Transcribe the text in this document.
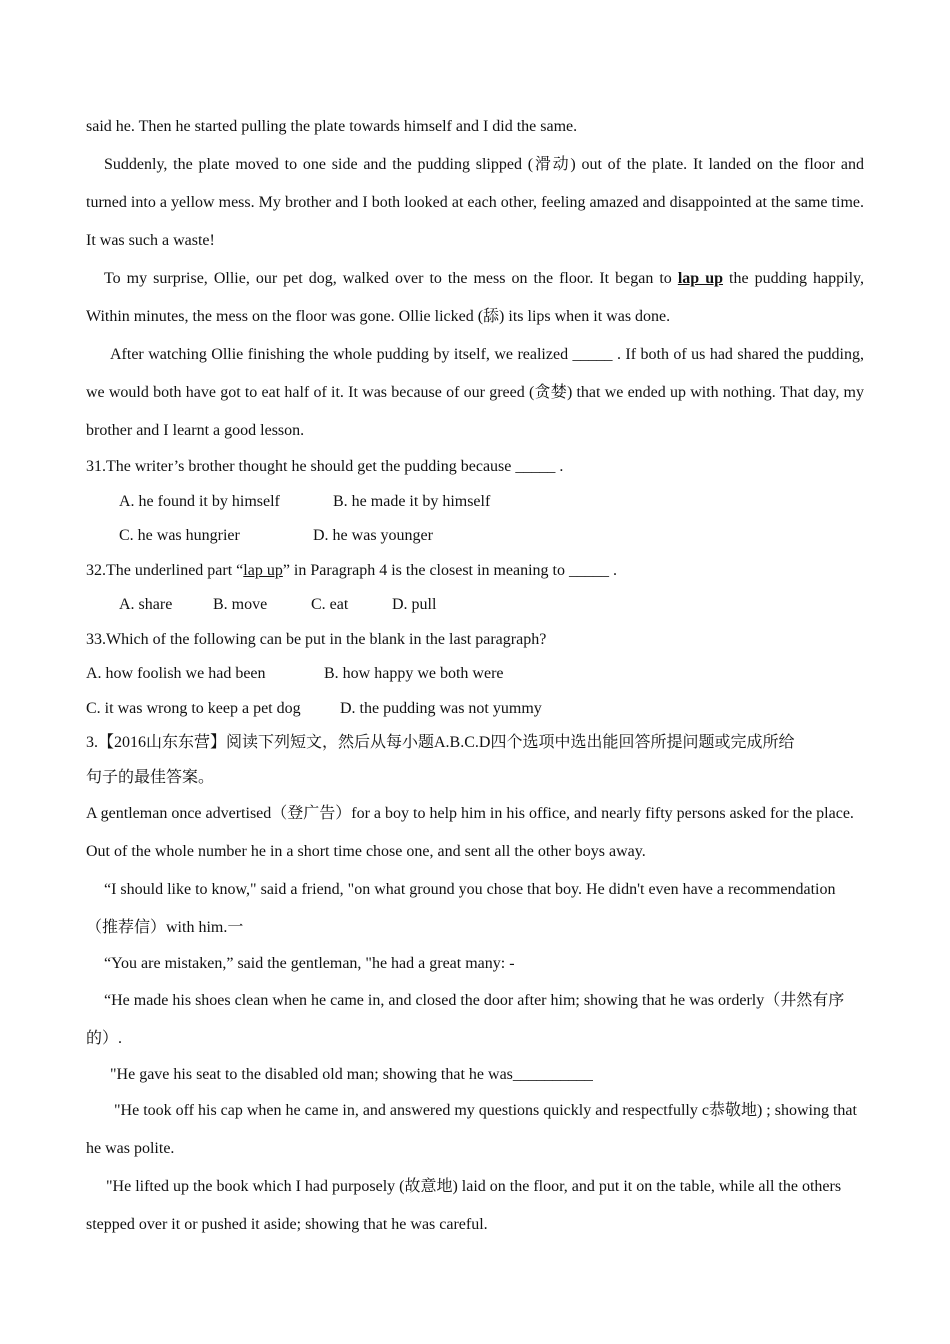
said he. Then he started pulling the plate towards himself and I did the same.

Suddenly, the plate moved to one side and the pudding slipped (滑动) out of the plate. It landed on the floor and turned into a yellow mess. My brother and I both looked at each other, feeling amazed and disappointed at the same time. It was such a waste!

To my surprise, Ollie, our pet dog, walked over to the mess on the floor. It began to lap up the pudding happily, Within minutes, the mess on the floor was gone. Ollie licked (舔) its lips when it was done.

After watching Ollie finishing the whole pudding by itself, we realized _____ . If both of us had shared the pudding, we would both have got to eat half of it. It was because of our greed (贪婪) that we ended up with nothing. That day, my brother and I learnt a good lesson.

31.The writer’s brother thought he should get the pudding because _____ .

A. he found it by himself	B. he made it by himself

C. he was hungrier	D. he was younger

32.The underlined part “lap up” in Paragraph 4 is the closest in meaning to _____ .

A. share	B. move	C. eat	D. pull

33.Which of the following can be put in the blank in the last paragraph?

A. how foolish we had been	B. how happy we both were

C. it was wrong to keep a pet dog D. the pudding was not yummy

3.【2016山东东营】阅读下列短文，然后从每小题A.B.C.D四个选项中选出能回答所提问题或完成所给

句子的最佳答案。

A gentleman once advertised（登广告）for a boy to help him in his office, and nearly fifty persons asked for the place. Out of the whole number he in a short time chose one, and sent all the other boys away.

“I should like to know," said a friend, "on what ground you chose that boy. He didn't even have a recommendation（推荐信）with him.一

“You are mistaken,” said the gentleman, "he had a great many: -

“He made his shoes clean when he came in, and closed the door after him; showing that he was orderly（井然有序的）.

"He gave his seat to the disabled old man; showing that he was__________

"He took off his cap when he came in, and answered my questions quickly and respectfully c恭敬地) ; showing that he was polite.

"He lifted up the book which I had purposely (故意地) laid on the floor, and put it on the table, while all the others stepped over it or pushed it aside; showing that he was careful.
